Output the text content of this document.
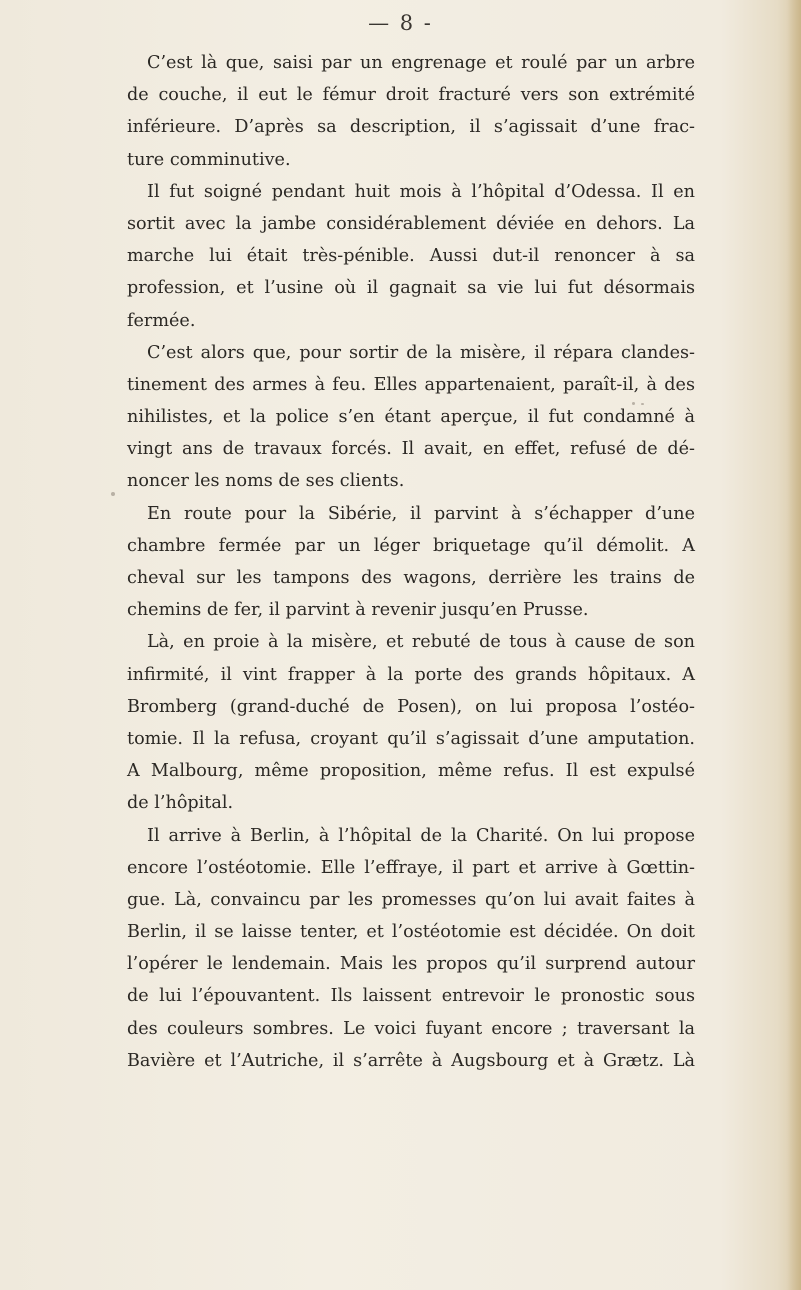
— 8 -
C’est là que, saisi par un engrenage et roulé par un arbre
de couche, il eut le fémur droit fracturé vers son extrémité
inférieure. D’après sa description, il s’agissait d’une frac-
ture comminutive.
Il fut soigné pendant huit mois à l’hôpital d’Odessa. Il en
sortit avec la jambe considérablement déviée en dehors. La
marche lui était très-pénible. Aussi dut-il renoncer à sa
profession, et l’usine où il gagnait sa vie lui fut désormais
fermée.
C’est alors que, pour sortir de la misère, il répara clandes-
tinement des armes à feu. Elles appartenaient, paraît-il, à des
nihilistes, et la police s’en étant aperçue, il fut condamné à
vingt ans de travaux forcés. Il avait, en effet, refusé de dé-
noncer les noms de ses clients.
En route pour la Sibérie, il parvint à s’échapper d’une
chambre fermée par un léger briquetage qu’il démolit. A
cheval sur les tampons des wagons, derrière les trains de
chemins de fer, il parvint à revenir jusqu’en Prusse.
Là, en proie à la misère, et rebuté de tous à cause de son
infirmité, il vint frapper à la porte des grands hôpitaux. A
Bromberg (grand-duché de Posen), on lui proposa l’ostéo-
tomie. Il la refusa, croyant qu’il s’agissait d’une amputation.
A Malbourg, même proposition, même refus. Il est expulsé
de l’hôpital.
Il arrive à Berlin, à l’hôpital de la Charité. On lui propose
encore l’ostéotomie. Elle l’effraye, il part et arrive à Gœttin-
gue. Là, convaincu par les promesses qu’on lui avait faites à
Berlin, il se laisse tenter, et l’ostéotomie est décidée. On doit
l’opérer le lendemain. Mais les propos qu’il surprend autour
de lui l’épouvantent. Ils laissent entrevoir le pronostic sous
des couleurs sombres. Le voici fuyant encore ; traversant la
Bavière et l’Autriche, il s’arrête à Augsbourg et à Grætz. Là
